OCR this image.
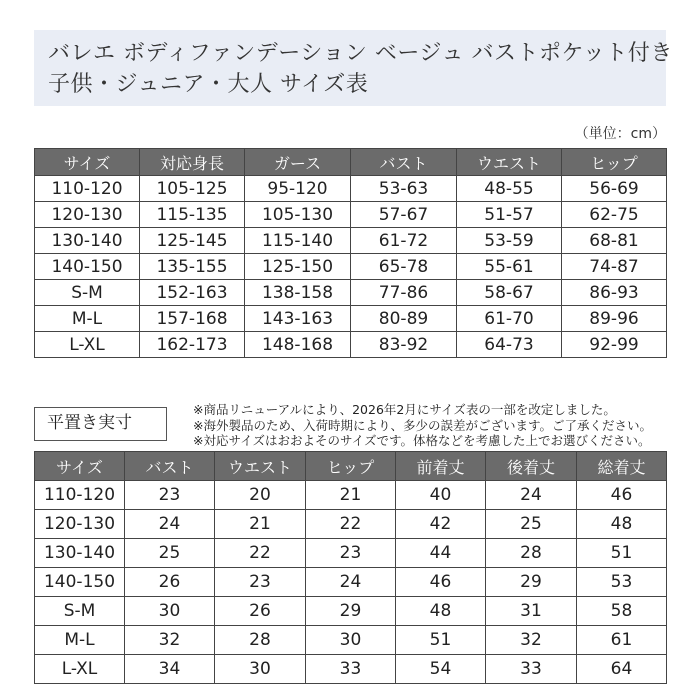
バレエ ボディファンデーション ベージュ バストポケット付き
子供・ジュニア・大人 サイズ表
（単位：cm）
サイズ	対応身長	ガース	バスト	ウエスト	ヒップ
110-120	105-125	95-120	53-63	48-55	56-69
120-130	115-135	105-130	57-67	51-57	62-75
130-140	125-145	115-140	61-72	53-59	68-81
140-150	135-155	125-150	65-78	55-61	74-87
S-M	152-163	138-158	77-86	58-67	86-93
M-L	157-168	143-163	80-89	61-70	89-96
L-XL	162-173	148-168	83-92	64-73	92-99
平置き実寸
※商品リニューアルにより、2026年2月にサイズ表の一部を改定しました。
※海外製品のため、入荷時期により、多少の誤差がございます。ご了承ください。
※対応サイズはおおよそのサイズです。体格などを考慮した上でお選びください。
サイズ	バスト	ウエスト	ヒップ	前着丈	後着丈	総着丈
110-120	23	20	21	40	24	46
120-130	24	21	22	42	25	48
130-140	25	22	23	44	28	51
140-150	26	23	24	46	29	53
S-M	30	26	29	48	31	58
M-L	32	28	30	51	32	61
L-XL	34	30	33	54	33	64
